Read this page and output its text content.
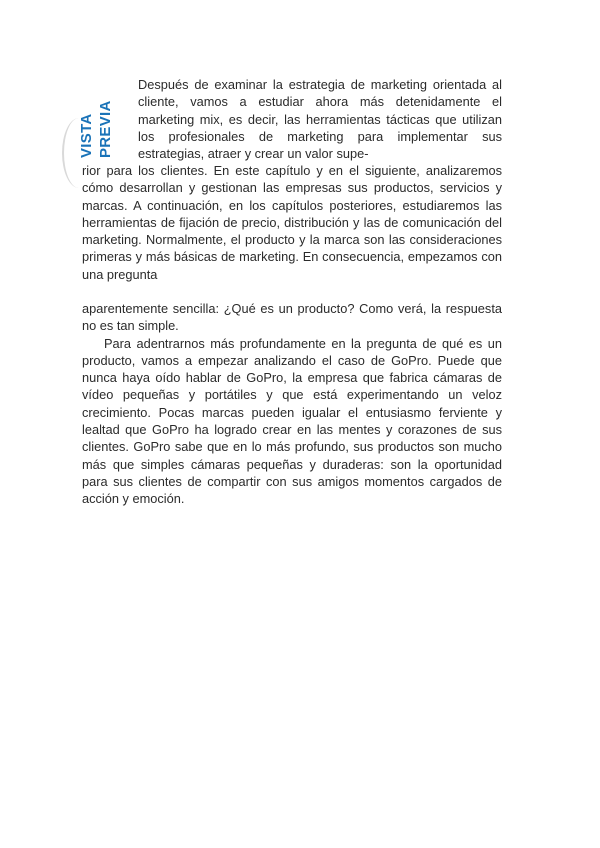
VISTA PREVIA

Después de examinar la estrategia de marketing orientada al cliente, vamos a estudiar ahora más detenidamente el marketing mix, es decir, las herramientas tácticas que utilizan los profesionales de marketing para implementar sus estrategias, atraer y crear un valor supe-

rior para los clientes. En este capítulo y en el siguiente, analizaremos cómo desarrollan y gestionan las empresas sus productos, servicios y marcas. A continuación, en los capítulos posteriores, estudiaremos las herramientas de fijación de precio, distribución y las de comunicación del marketing. Normalmente, el producto y la marca son las consideraciones primeras y más básicas de marketing. En consecuencia, empezamos con una pregunta

aparentemente sencilla: ¿Qué es un producto? Como verá, la respuesta no es tan simple.

Para adentrarnos más profundamente en la pregunta de qué es un producto, vamos a empezar analizando el caso de GoPro. Puede que nunca haya oído hablar de GoPro, la empresa que fabrica cámaras de vídeo pequeñas y portátiles y que está experimentando un veloz crecimiento. Pocas marcas pueden igualar el entusiasmo ferviente y lealtad que GoPro ha logrado crear en las mentes y corazones de sus clientes. GoPro sabe que en lo más profundo, sus productos son mucho más que simples cámaras pequeñas y duraderas: son la oportunidad para sus clientes de compartir con sus amigos momentos cargados de acción y emoción.
